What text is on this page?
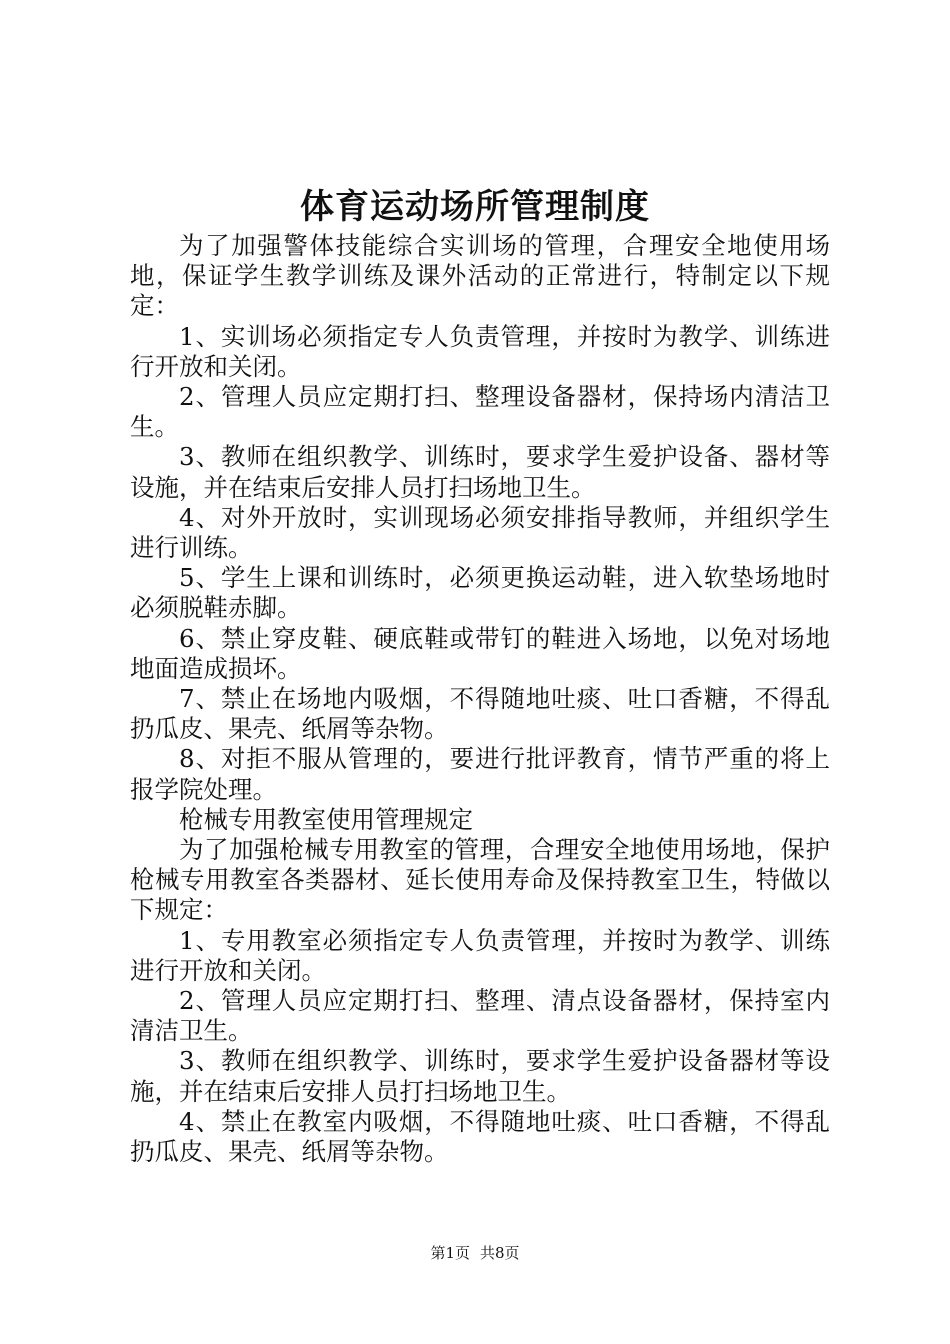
体育运动场所管理制度

为了加强警体技能综合实训场的管理，合理安全地使用场地，保证学生教学训练及课外活动的正常进行，特制定以下规定：

1、实训场必须指定专人负责管理，并按时为教学、训练进行开放和关闭。

2、管理人员应定期打扫、整理设备器材，保持场内清洁卫生。

3、教师在组织教学、训练时，要求学生爱护设备、器材等设施，并在结束后安排人员打扫场地卫生。

4、对外开放时，实训现场必须安排指导教师，并组织学生进行训练。

5、学生上课和训练时，必须更换运动鞋，进入软垫场地时必须脱鞋赤脚。

6、禁止穿皮鞋、硬底鞋或带钉的鞋进入场地，以免对场地地面造成损坏。

7、禁止在场地内吸烟，不得随地吐痰、吐口香糖，不得乱扔瓜皮、果壳、纸屑等杂物。

8、对拒不服从管理的，要进行批评教育，情节严重的将上报学院处理。

枪械专用教室使用管理规定

为了加强枪械专用教室的管理，合理安全地使用场地，保护枪械专用教室各类器材、延长使用寿命及保持教室卫生，特做以下规定：

1、专用教室必须指定专人负责管理，并按时为教学、训练进行开放和关闭。

2、管理人员应定期打扫、整理、清点设备器材，保持室内清洁卫生。

3、教师在组织教学、训练时，要求学生爱护设备器材等设施，并在结束后安排人员打扫场地卫生。

4、禁止在教室内吸烟，不得随地吐痰、吐口香糖，不得乱扔瓜皮、果壳、纸屑等杂物。

第1页 共8页
